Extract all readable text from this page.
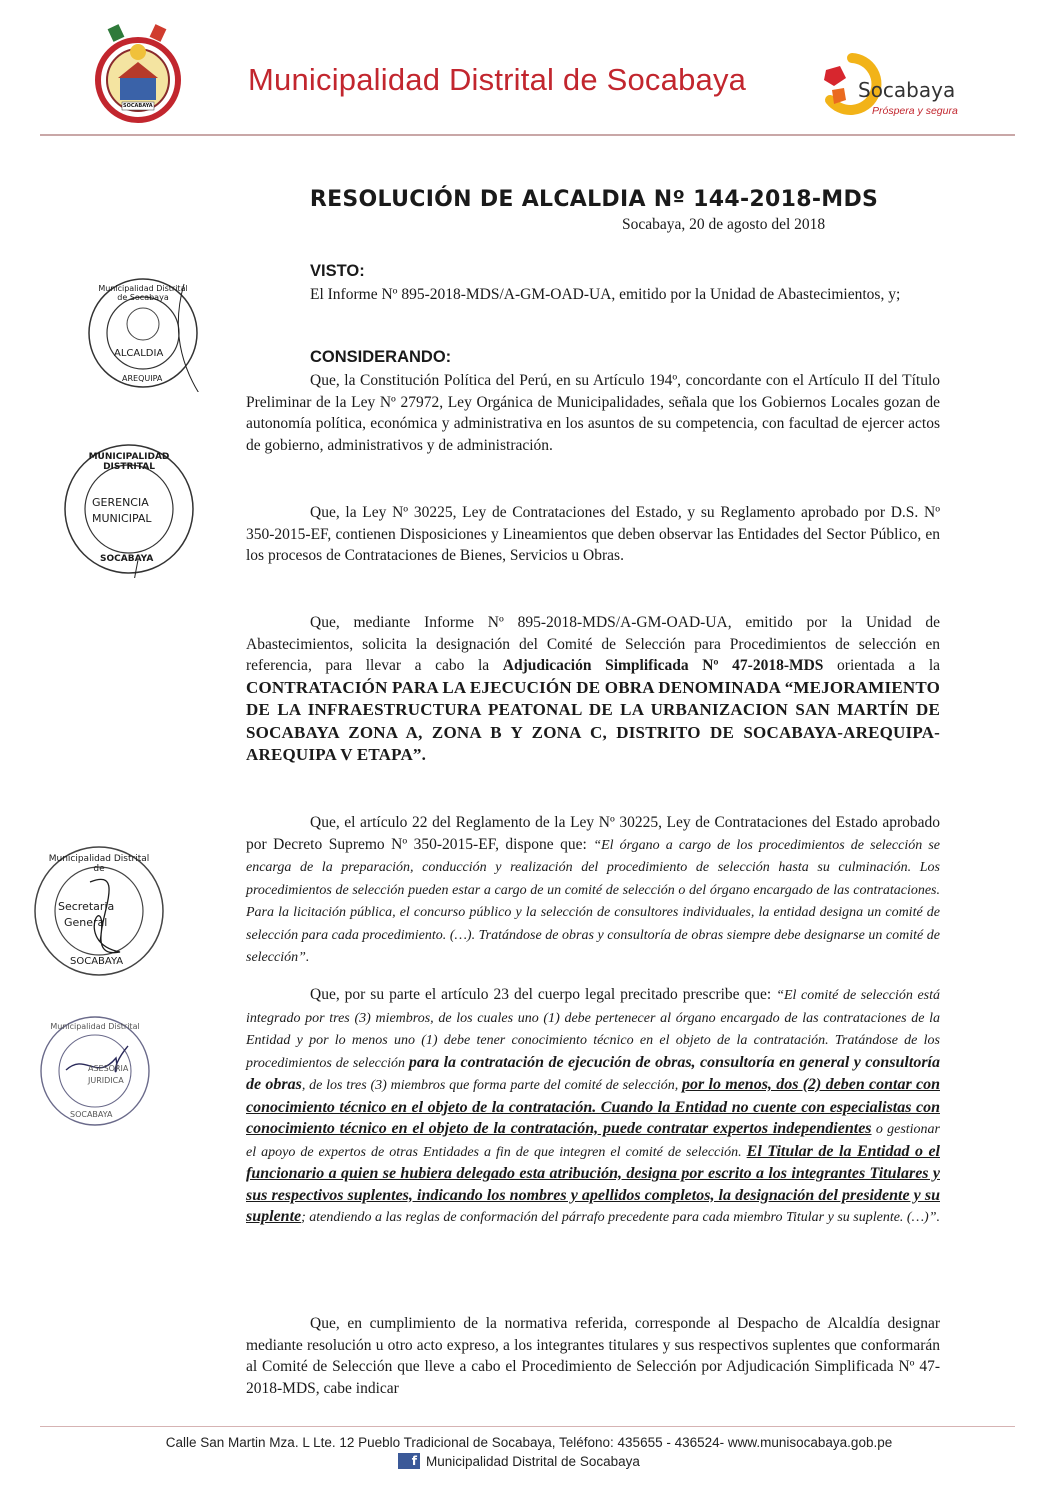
SOCABAYA
Municipalidad Distrital de Socabaya	Socabaya
Próspera y segura
RESOLUCIÓN DE ALCALDIA Nº 144-2018-MDS
Socabaya, 20 de agosto del 2018
VISTO:

El Informe Nº 895-2018-MDS/A-GM-OAD-UA, emitido por la Unidad de Abastecimientos, y;

CONSIDERANDO:

Que, la Constitución Política del Perú, en su Artículo 194º, concordante con el Artículo II del Título Preliminar de la Ley Nº 27972, Ley Orgánica de Municipalidades, señala que los Gobiernos Locales gozan de autonomía política, económica y administrativa en los asuntos de su competencia, con facultad de ejercer actos de gobierno, administrativos y de administración.

Que, la Ley Nº 30225, Ley de Contrataciones del Estado, y su Reglamento aprobado por D.S. Nº 350-2015-EF, contienen Disposiciones y Lineamientos que deben observar las Entidades del Sector Público, en los procesos de Contrataciones de Bienes, Servicios u Obras.

Que, mediante Informe Nº 895-2018-MDS/A-GM-OAD-UA, emitido por la Unidad de Abastecimientos, solicita la designación del Comité de Selección para Procedimientos de selección en referencia, para llevar a cabo la Adjudicación Simplificada Nº 47-2018-MDS orientada a la CONTRATACIÓN PARA LA EJECUCIÓN DE OBRA DENOMINADA “MEJORAMIENTO DE LA INFRAESTRUCTURA PEATONAL DE LA URBANIZACION SAN MARTÍN DE SOCABAYA ZONA A, ZONA B Y ZONA C, DISTRITO DE SOCABAYA-AREQUIPA-AREQUIPA V ETAPA”.

Que, el artículo 22 del Reglamento de la Ley Nº 30225, Ley de Contrataciones del Estado aprobado por Decreto Supremo Nº 350-2015-EF, dispone que: “El órgano a cargo de los procedimientos de selección se encarga de la preparación, conducción y realización del procedimiento de selección hasta su culminación. Los procedimientos de selección pueden estar a cargo de un comité de selección o del órgano encargado de las contrataciones. Para la licitación pública, el concurso público y la selección de consultores individuales, la entidad designa un comité de selección para cada procedimiento. (…). Tratándose de obras y consultoría de obras siempre debe designarse un comité de selección”.

Que, por su parte el artículo 23 del cuerpo legal precitado prescribe que: “El comité de selección está integrado por tres (3) miembros, de los cuales uno (1) debe pertenecer al órgano encargado de las contrataciones de la Entidad y por lo menos uno (1) debe tener conocimiento técnico en el objeto de la contratación. Tratándose de los procedimientos de selección para la contratación de ejecución de obras, consultoría en general y consultoría de obras, de los tres (3) miembros que forma parte del comité de selección, por lo menos, dos (2) deben contar con conocimiento técnico en el objeto de la contratación. Cuando la Entidad no cuente con especialistas con conocimiento técnico en el objeto de la contratación, puede contratar expertos independientes o gestionar el apoyo de expertos de otras Entidades a fin de que integren el comité de selección. El Titular de la Entidad o el funcionario a quien se hubiera delegado esta atribución, designa por escrito a los integrantes Titulares y sus respectivos suplentes, indicando los nombres y apellidos completos, la designación del presidente y su suplente; atendiendo a las reglas de conformación del párrafo precedente para cada miembro Titular y su suplente. (…)”.

Que, en cumplimiento de la normativa referida, corresponde al Despacho de Alcaldía designar mediante resolución u otro acto expreso, a los integrantes titulares y sus respectivos suplentes que conformarán al Comité de Selección que lleve a cabo el Procedimiento de Selección por Adjudicación Simplificada Nº 47-2018-MDS, cabe indicar

Municipalidad Distrital de Socabaya
ALCALDIA
AREQUIPA
MUNICIPALIDAD DISTRITAL
GERENCIA
MUNICIPAL
SOCABAYA
Municipalidad Distrital de
Secretaria
General
SOCABAYA
Municipalidad Distrital
ASESORIA
JURIDICA
SOCABAYA
Calle San Martin Mza. L Lte. 12 Pueblo Tradicional de Socabaya, Teléfono: 435655 - 436524- www.munisocabaya.gob.pe
f Municipalidad Distrital de Socabaya
